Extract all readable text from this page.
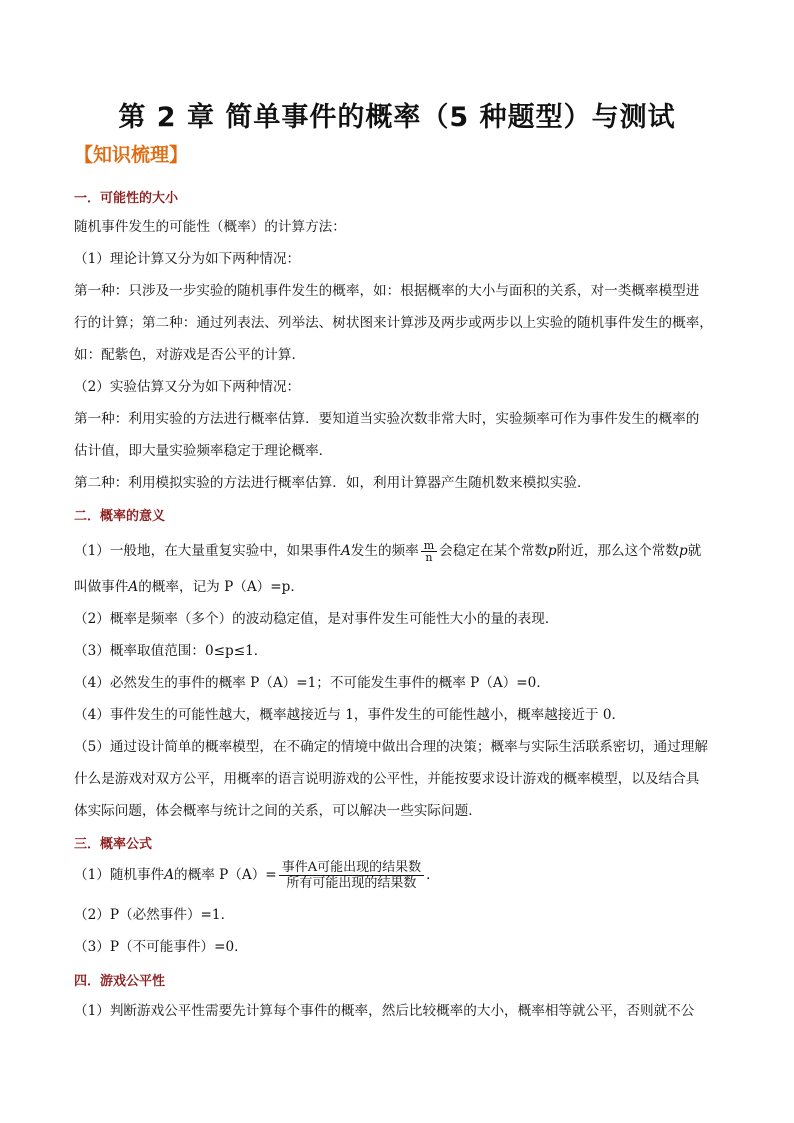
第 2 章 简单事件的概率（5 种题型）与测试
【知识梳理】
一．可能性的大小
随机事件发生的可能性（概率）的计算方法：
（1）理论计算又分为如下两种情况：
第一种：只涉及一步实验的随机事件发生的概率，如：根据概率的大小与面积的关系，对一类概率模型进
行的计算；第二种：通过列表法、列举法、树状图来计算涉及两步或两步以上实验的随机事件发生的概率，
如：配紫色，对游戏是否公平的计算．
（2）实验估算又分为如下两种情况：
第一种：利用实验的方法进行概率估算．要知道当实验次数非常大时，实验频率可作为事件发生的概率的
估计值，即大量实验频率稳定于理论概率．
第二种：利用模拟实验的方法进行概率估算．如，利用计算器产生随机数来模拟实验．
二．概率的意义
（1）一般地，在大量重复实验中，如果事件A发生的频率 $\frac{m}{n}$ 会稳定在某个常数p附近，那么这个常数p就
叫做事件A的概率，记为 P（A）=p．
（2）概率是频率（多个）的波动稳定值，是对事件发生可能性大小的量的表现．
（3）概率取值范围：0≤p≤1．
（4）必然发生的事件的概率 P（A）=1；不可能发生事件的概率 P（A）=0．
（4）事件发生的可能性越大，概率越接近与 1，事件发生的可能性越小，概率越接近于 0．
（5）通过设计简单的概率模型，在不确定的情境中做出合理的决策；概率与实际生活联系密切，通过理解
什么是游戏对双方公平，用概率的语言说明游戏的公平性，并能按要求设计游戏的概率模型，以及结合具
体实际问题，体会概率与统计之间的关系，可以解决一些实际问题．
三．概率公式
（1）随机事件A的概率 $P(A)= \frac{\text{事件A可能出现的结果数}}{\text{所有可能出现的结果数}}$ ．
（2）P（必然事件）=1．
（3）P（不可能事件）=0．
四．游戏公平性
（1）判断游戏公平性需要先计算每个事件的概率，然后比较概率的大小，概率相等就公平，否则就不公
